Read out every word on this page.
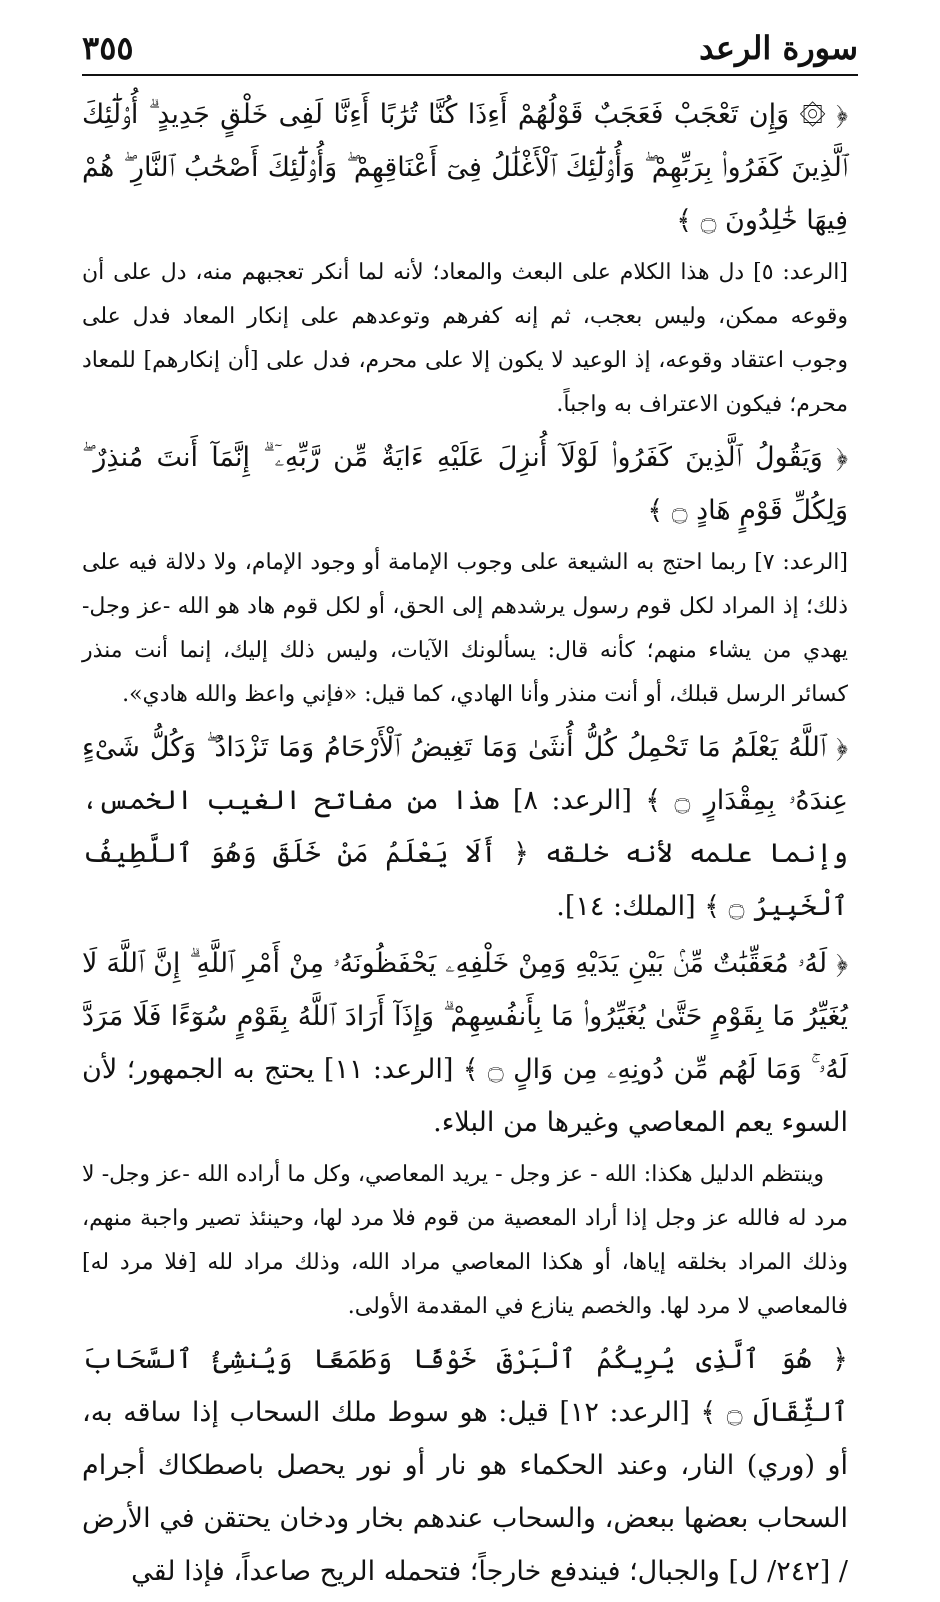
سورة الرعد
٣٥٥

﴿ ۞ وَإِن تَعْجَبْ فَعَجَبٌ قَوْلُهُمْ أَءِذَا كُنَّا تُرَٰبًا أَءِنَّا لَفِى خَلْقٍ جَدِيدٍ ۗ أُو۟لَٰٓئِكَ ٱلَّذِينَ كَفَرُوا۟ بِرَبِّهِمْ ۖ وَأُو۟لَٰٓئِكَ ٱلْأَغْلَٰلُ فِىٓ أَعْنَاقِهِمْ ۖ وَأُو۟لَٰٓئِكَ أَصْحَٰبُ ٱلنَّارِ ۖ هُمْ فِيهَا خَٰلِدُونَ ۝ ﴾

[الرعد: ٥] دل هذا الكلام على البعث والمعاد؛ لأنه لما أنكر تعجبهم منه، دل على أن وقوعه ممكن، وليس بعجب، ثم إنه كفرهم وتوعدهم على إنكار المعاد فدل على وجوب اعتقاد وقوعه، إذ الوعيد لا يكون إلا على محرم، فدل على [أن إنكارهم] للمعاد محرم؛ فيكون الاعتراف به واجباً.

﴿ وَيَقُولُ ٱلَّذِينَ كَفَرُوا۟ لَوْلَآ أُنزِلَ عَلَيْهِ ءَايَةٌ مِّن رَّبِّهِۦٓ ۗ إِنَّمَآ أَنتَ مُنذِرٌ ۖ وَلِكُلِّ قَوْمٍ هَادٍ ۝ ﴾

[الرعد: ٧] ربما احتج به الشيعة على وجوب الإمامة أو وجود الإمام، ولا دلالة فيه على ذلك؛ إذ المراد لكل قوم رسول يرشدهم إلى الحق، أو لكل قوم هاد هو الله -عز وجل- يهدي من يشاء منهم؛ كأنه قال: يسألونك الآيات، وليس ذلك إليك، إنما أنت منذر كسائر الرسل قبلك، أو أنت منذر وأنا الهادي، كما قيل: «فإني واعظ والله هادي».

﴿ ٱللَّهُ يَعْلَمُ مَا تَحْمِلُ كُلُّ أُنثَىٰ وَمَا تَغِيضُ ٱلْأَرْحَامُ وَمَا تَزْدَادُ ۖ وَكُلُّ شَىْءٍ عِندَهُۥ بِمِقْدَارٍ ۝ ﴾ [الرعد: ٨] هذا من مفاتح الغيب الخمس، وإنما علمه لأنه خلقه ﴿ أَلَا يَعْلَمُ مَنْ خَلَقَ وَهُوَ ٱللَّطِيفُ ٱلْخَبِيرُ ۝ ﴾ [الملك: ١٤].

﴿ لَهُۥ مُعَقِّبَٰتٌ مِّنۢ بَيْنِ يَدَيْهِ وَمِنْ خَلْفِهِۦ يَحْفَظُونَهُۥ مِنْ أَمْرِ ٱللَّهِ ۗ إِنَّ ٱللَّهَ لَا يُغَيِّرُ مَا بِقَوْمٍ حَتَّىٰ يُغَيِّرُوا۟ مَا بِأَنفُسِهِمْ ۗ وَإِذَآ أَرَادَ ٱللَّهُ بِقَوْمٍ سُوٓءًا فَلَا مَرَدَّ لَهُۥ ۚ وَمَا لَهُم مِّن دُونِهِۦ مِن وَالٍ ۝ ﴾ [الرعد: ١١] يحتج به الجمهور؛ لأن السوء يعم المعاصي وغيرها من البلاء.

وينتظم الدليل هكذا: الله - عز وجل - يريد المعاصي، وكل ما أراده الله -عز وجل- لا مرد له فالله عز وجل إذا أراد المعصية من قوم فلا مرد لها، وحينئذ تصير واجبة منهم، وذلك المراد بخلقه إياها، أو هكذا المعاصي مراد الله، وذلك مراد لله [فلا مرد له] فالمعاصي لا مرد لها. والخصم ينازع في المقدمة الأولى.

﴿ هُوَ ٱلَّذِى يُرِيكُمُ ٱلْبَرْقَ خَوْفًا وَطَمَعًا وَيُنشِئُ ٱلسَّحَابَ ٱلثِّقَالَ ۝ ﴾ [الرعد: ١٢] قيل: هو سوط ملك السحاب إذا ساقه به، أو (وري) النار، وعند الحكماء هو نار أو نور يحصل باصطكاك أجرام السحاب بعضها ببعض، والسحاب عندهم بخار ودخان يحتقن في الأرض / [٢٤٢/ ل] والجبال؛ فيندفع خارجاً؛ فتحمله الريح صاعداً، فإذا لقي
